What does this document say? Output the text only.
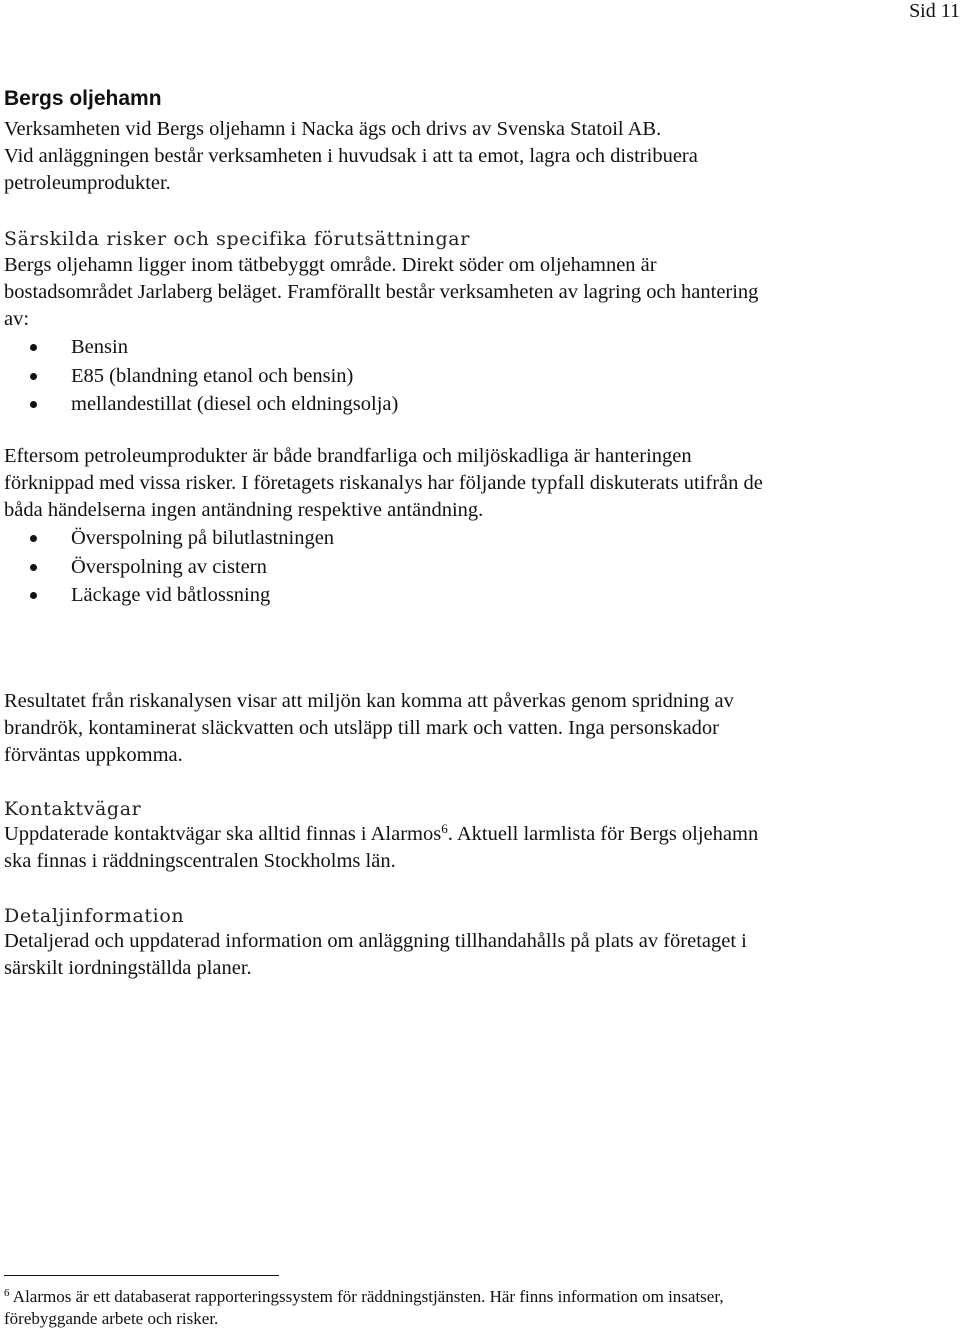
Sid 11
Bergs oljehamn

Verksamheten vid Bergs oljehamn i Nacka ägs och drivs av Svenska Statoil AB.
Vid anläggningen består verksamheten i huvudsak i att ta emot, lagra och distribuera
petroleumprodukter.

Särskilda risker och specifika förutsättningar

Bergs oljehamn ligger inom tätbebyggt område. Direkt söder om oljehamnen är
bostadsområdet Jarlaberg beläget. Framförallt består verksamheten av lagring och hantering
av:

Bensin
E85 (blandning etanol och bensin)
mellandestillat (diesel och eldningsolja)

Eftersom petroleumprodukter är både brandfarliga och miljöskadliga är hanteringen
förknippad med vissa risker. I företagets riskanalys har följande typfall diskuterats utifrån de
båda händelserna ingen antändning respektive antändning.

Överspolning på bilutlastningen
Överspolning av cistern
Läckage vid båtlossning

Resultatet från riskanalysen visar att miljön kan komma att påverkas genom spridning av
brandrök, kontaminerat släckvatten och utsläpp till mark och vatten. Inga personskador
förväntas uppkomma.

Kontaktvägar

Uppdaterade kontaktvägar ska alltid finnas i Alarmos$^6$. Aktuell larmlista för Bergs oljehamn
ska finnas i räddningscentralen Stockholms län.

Detaljinformation

Detaljerad och uppdaterad information om anläggning tillhandahålls på plats av företaget i
särskilt iordningställda planer.

$^6$ Alarmos är ett databaserat rapporteringssystem för räddningstjänsten. Här finns information om insatser,
förebyggande arbete och risker.
